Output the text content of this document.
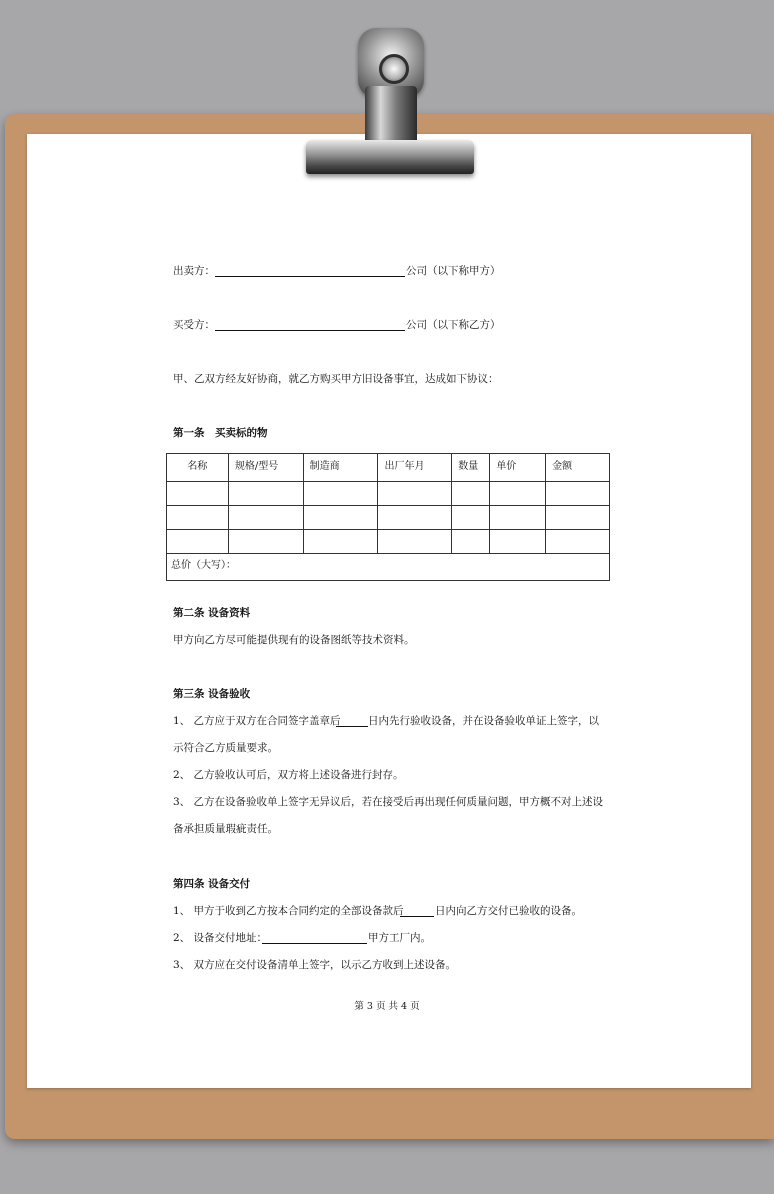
出卖方：	公司（以下称甲方）
买受方：	公司（以下称乙方）
甲、乙双方经友好协商，就乙方购买甲方旧设备事宜，达成如下协议：
第一条　买卖标的物
名称	规格/型号	制造商	出厂年月	数量	单价	金额

总价（大写）：						
第二条 设备资料
甲方向乙方尽可能提供现有的设备图纸等技术资料。
第三条 设备验收
1、 乙方应于双方在合同签字盖章后	日内先行验收设备，并在设备验收单证上签字，以
示符合乙方质量要求。
2、 乙方验收认可后，双方将上述设备进行封存。
3、 乙方在设备验收单上签字无异议后，若在接受后再出现任何质量问题，甲方概不对上述设
备承担质量瑕疵责任。
第四条 设备交付
1、 甲方于收到乙方按本合同约定的全部设备款后	日内向乙方交付已验收的设备。
2、 设备交付地址：	甲方工厂内。
3、 双方应在交付设备清单上签字，以示乙方收到上述设备。
第 3 页 共 4 页
